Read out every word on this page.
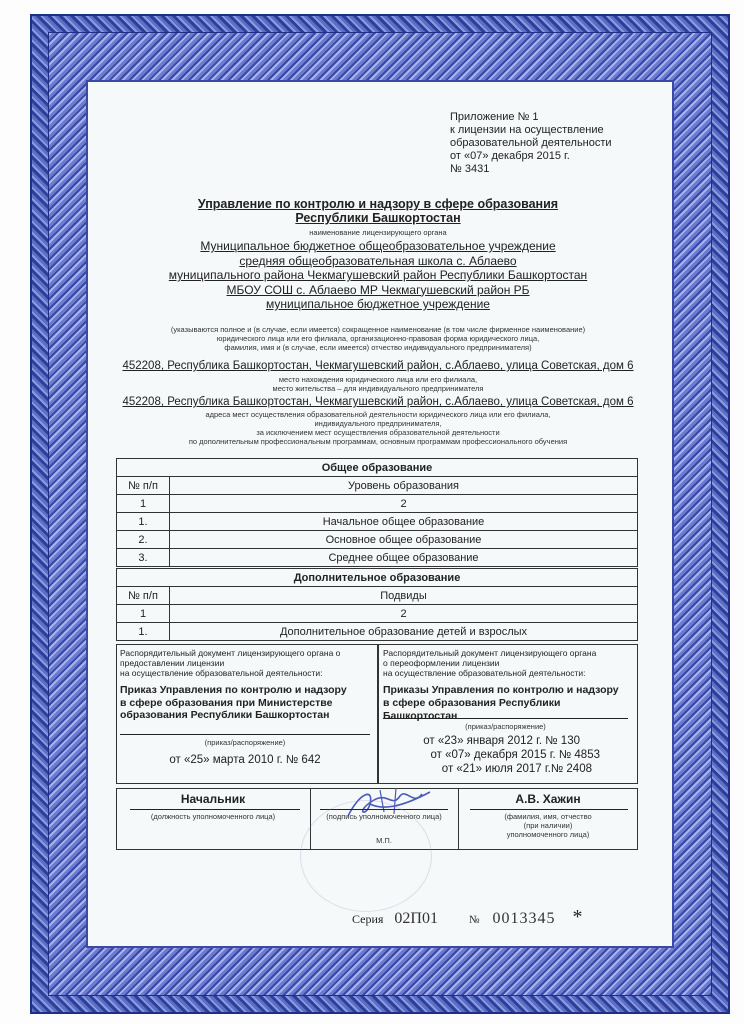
Приложение № 1
к лицензии на осуществление
образовательной деятельности
от «07» декабря 2015 г.
№ 3431
Управление по контролю и надзору в сфере образования
Республики Башкортостан
наименование лицензирующего органа
Муниципальное бюджетное общеобразовательное учреждение
средняя общеобразовательная школа с. Аблаево
муниципального района Чекмагушевский район Республики Башкортостан
МБОУ СОШ с. Аблаево МР Чекмагушевский район РБ
муниципальное бюджетное учреждение
(указываются полное и (в случае, если имеется) сокращенное наименование (в том числе фирменное наименование)
юридического лица или его филиала, организационно-правовая форма юридического лица,
фамилия, имя и (в случае, если имеется) отчество индивидуального предпринимателя)
452208, Республика Башкортостан, Чекмагушевский район, с.Аблаево, улица Советская, дом 6
место нахождения юридического лица или его филиала,
место жительства – для индивидуального предпринимателя
452208, Республика Башкортостан, Чекмагушевский район, с.Аблаево, улица Советская, дом 6
адреса мест осуществления образовательной деятельности юридического лица или его филиала,
индивидуального предпринимателя,
за исключением мест осуществления образовательной деятельности
по дополнительным профессиональным программам, основным программам профессионального обучения
Общее образование	
№ п/п	Уровень образования
1	2
1.	Начальное общее образование
2.	Основное общее образование
3.	Среднее общее образование
Дополнительное образование	
№ п/п	Подвиды
1	2
1.	Дополнительное образование детей и взрослых
Распорядительный документ лицензирующего органа о
предоставлении лицензии
на осуществление образовательной деятельности:
Приказ Управления по контролю и надзору
в сфере образования при Министерстве
образования Республики Башкортостан
(приказ/распоряжение)
от «25» марта 2010 г. № 642
Распорядительный документ лицензирующего органа
о переоформлении лицензии
на осуществление образовательной деятельности:
Приказы Управления по контролю и надзору
в сфере образования Республики Башкортостан
(приказ/распоряжение)
от «23» января 2012 г. № 130
от «07» декабря 2015 г. № 4853
от «21» июля 2017 г.№ 2408
Начальник
(должность уполномоченного лица)	(подпись уполномоченного лица)
М.П.
А.В. Хажин
(фамилия, имя, отчество
(при наличии)
уполномоченного лица)
Серия 02П01	№ 0013345 *
